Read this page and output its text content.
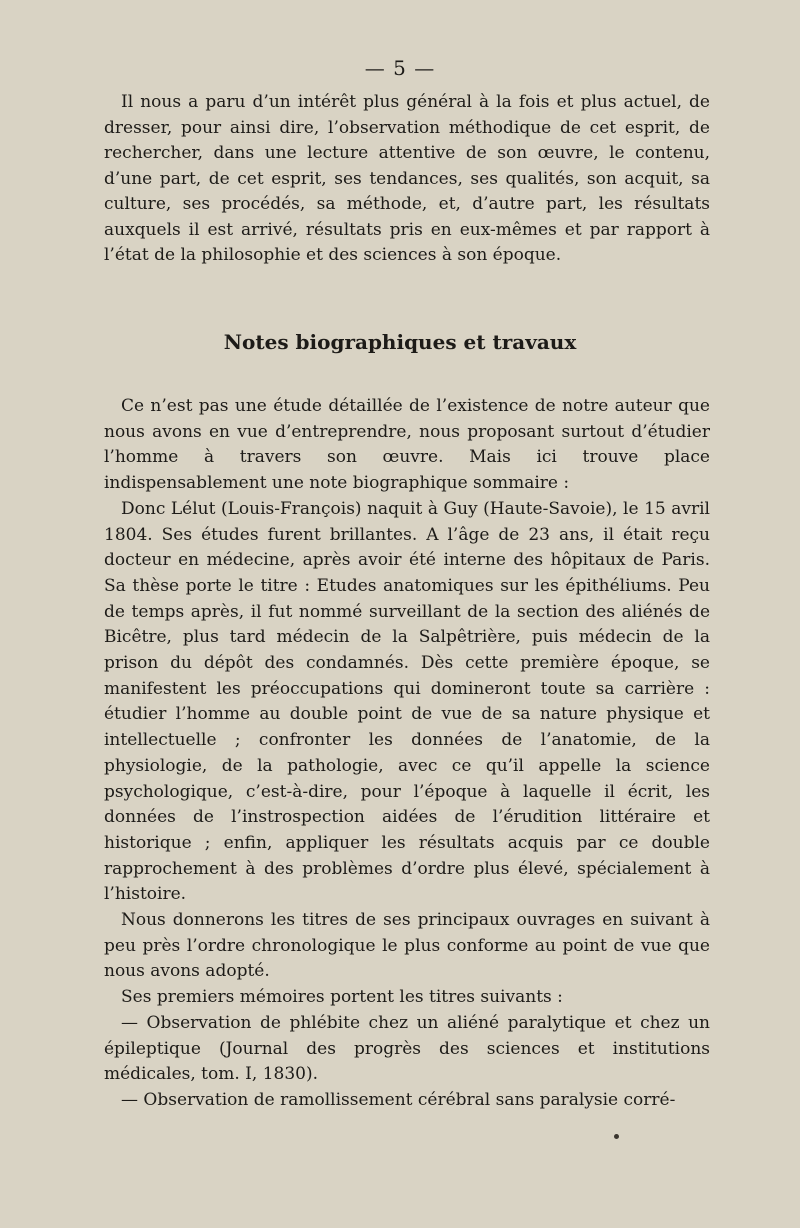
— 5 —

Il nous a paru d’un intérêt plus général à la fois et plus actuel, de dresser, pour ainsi dire, l’observation méthodique de cet esprit, de rechercher, dans une lecture attentive de son œuvre, le contenu, d’une part, de cet esprit, ses tendances, ses qualités, son acquit, sa culture, ses procédés, sa méthode, et, d’autre part, les résultats auxquels il est arrivé, résultats pris en eux-mêmes et par rapport à l’état de la philosophie et des sciences à son époque.

Notes biographiques et travaux

Ce n’est pas une étude détaillée de l’existence de notre auteur que nous avons en vue d’entreprendre, nous proposant surtout d’étudier l’homme à travers son œuvre. Mais ici trouve place indispensablement une note biographique sommaire :

Donc Lélut (Louis-François) naquit à Guy (Haute-Savoie), le 15 avril 1804. Ses études furent brillantes. A l’âge de 23 ans, il était reçu docteur en médecine, après avoir été interne des hôpitaux de Paris. Sa thèse porte le titre : Etudes anatomiques sur les épithéliums. Peu de temps après, il fut nommé surveillant de la section des aliénés de Bicêtre, plus tard médecin de la Salpêtrière, puis médecin de la prison du dépôt des condamnés. Dès cette première époque, se manifestent les préoccupations qui domineront toute sa carrière : étudier l’homme au double point de vue de sa nature physique et intellectuelle ; confronter les données de l’anatomie, de la physiologie, de la pathologie, avec ce qu’il appelle la science psychologique, c’est-à-dire, pour l’époque à laquelle il écrit, les données de l’instrospection aidées de l’érudition littéraire et historique ; enfin, appliquer les résultats acquis par ce double rapprochement à des problèmes d’ordre plus élevé, spécialement à l’histoire.

Nous donnerons les titres de ses principaux ouvrages en suivant à peu près l’ordre chronologique le plus conforme au point de vue que nous avons adopté.

Ses premiers mémoires portent les titres suivants :

— Observation de phlébite chez un aliéné paralytique et chez un épileptique (Journal des progrès des sciences et institutions médicales, tom. I, 1830).

— Observation de ramollissement cérébral sans paralysie corré-
